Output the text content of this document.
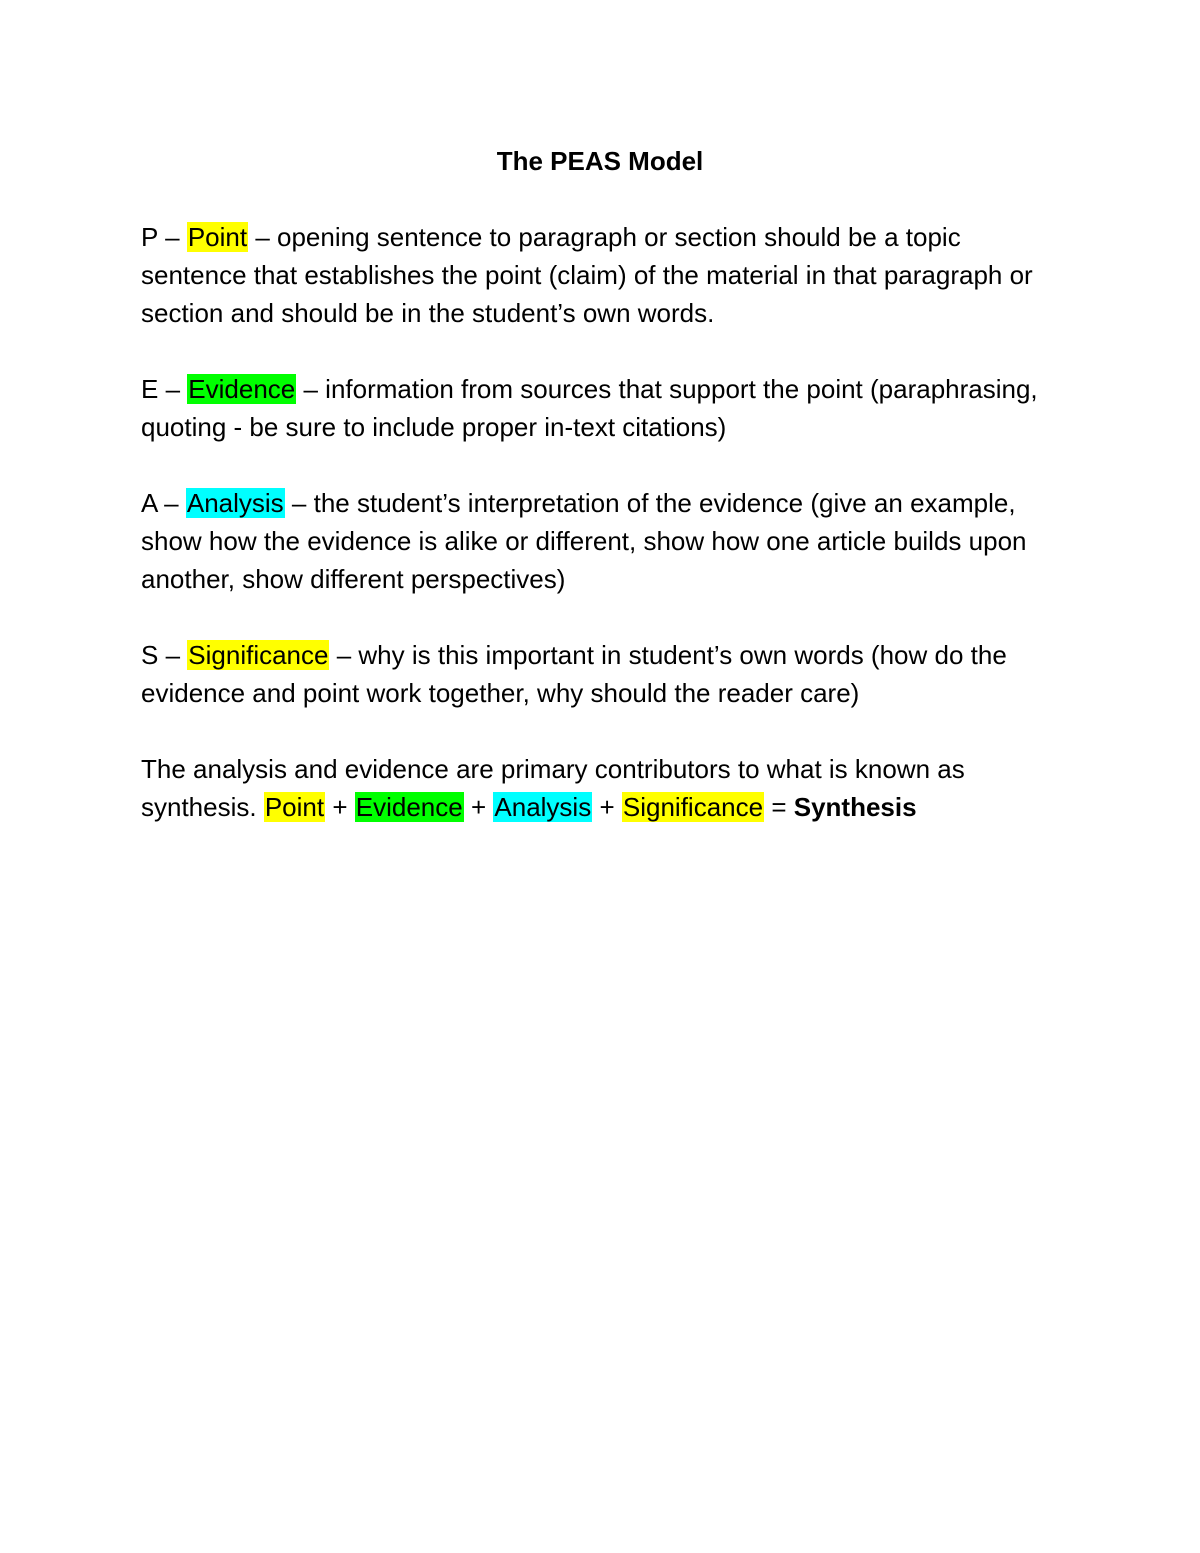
The PEAS Model

P – Point – opening sentence to paragraph or section should be a topic sentence that establishes the point (claim) of the material in that paragraph or section and should be in the student’s own words.

E – Evidence – information from sources that support the point (paraphrasing, quoting - be sure to include proper in-text citations)

A – Analysis – the student’s interpretation of the evidence (give an example, show how the evidence is alike or different, show how one article builds upon another, show different perspectives)

S – Significance – why is this important in student’s own words (how do the evidence and point work together, why should the reader care)

The analysis and evidence are primary contributors to what is known as synthesis. Point + Evidence + Analysis + Significance = Synthesis
